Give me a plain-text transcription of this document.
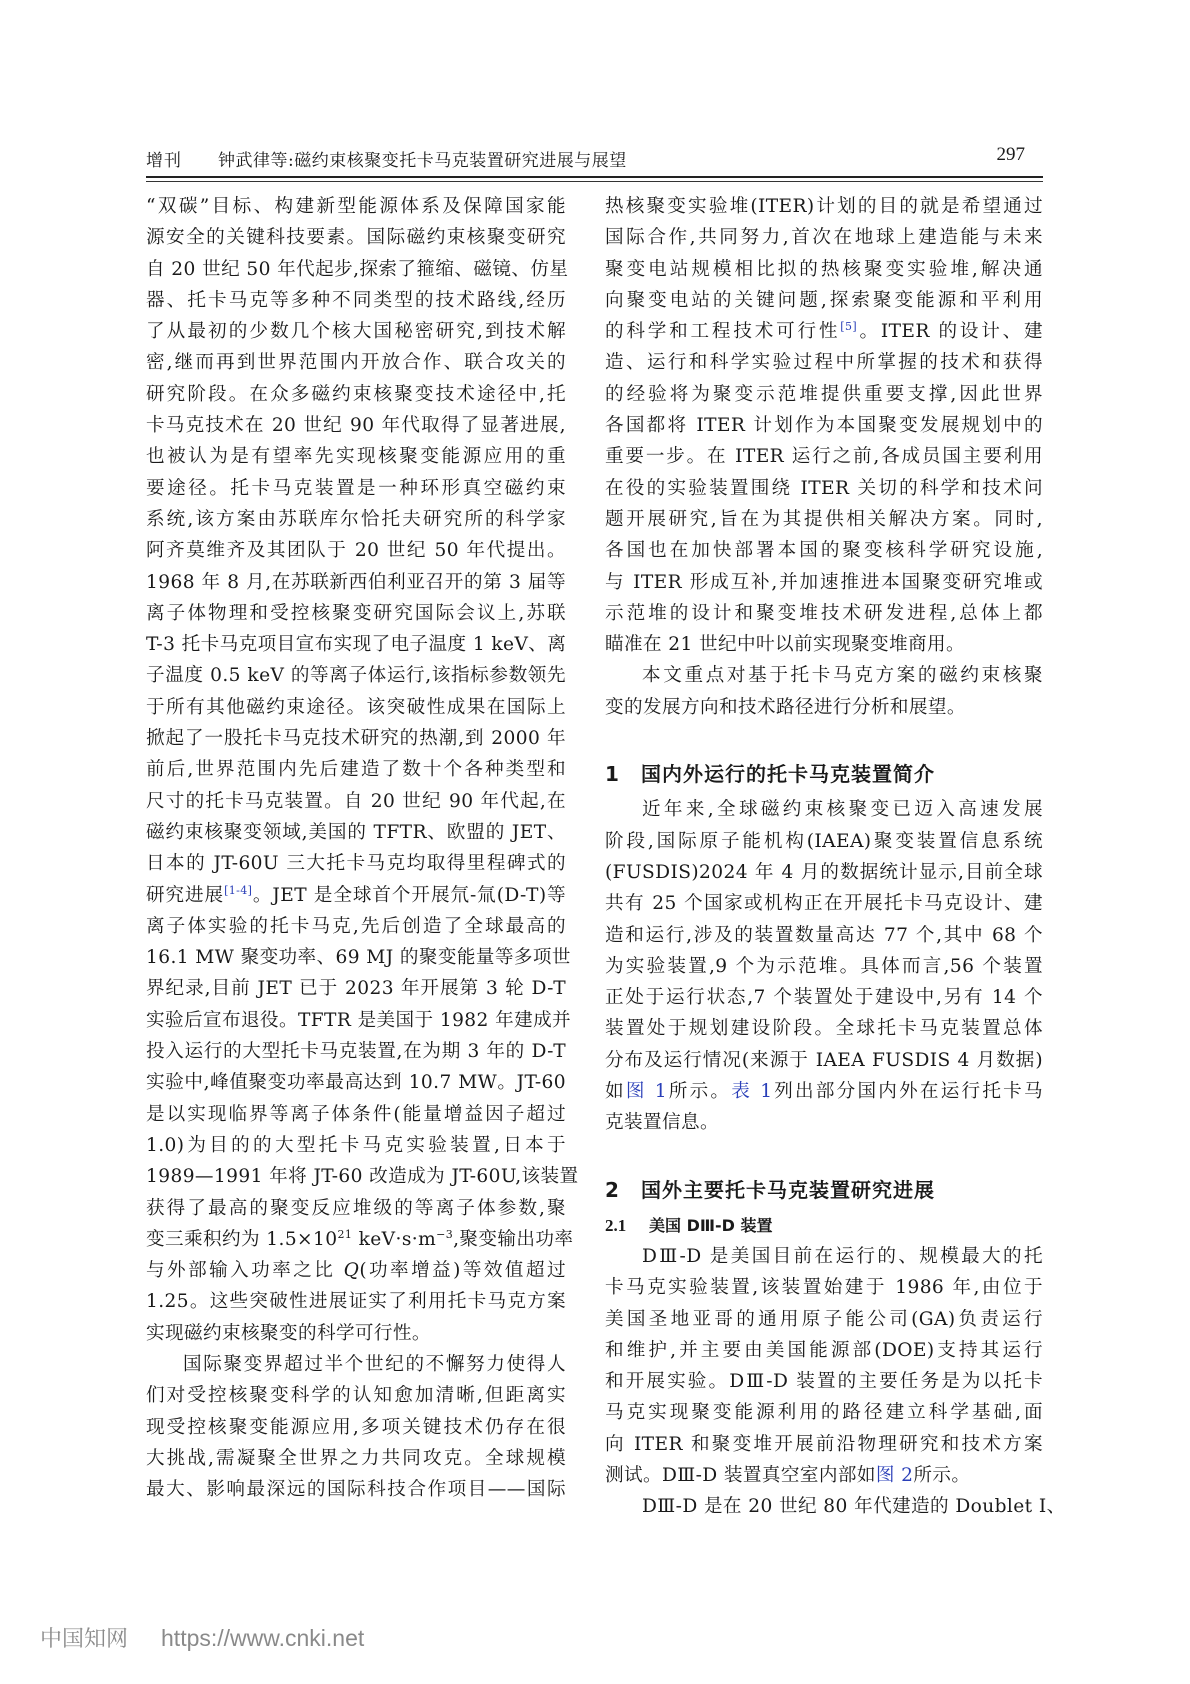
增刊 钟武律等:磁约束核聚变托卡马克装置研究进展与展望	297
“双碳”目标、构建新型能源体系及保障国家能
源安全的关键科技要素。国际磁约束核聚变研究
自 20 世纪 50 年代起步,探索了箍缩、磁镜、仿星
器、托卡马克等多种不同类型的技术路线,经历
了从最初的少数几个核大国秘密研究,到技术解
密,继而再到世界范围内开放合作、联合攻关的
研究阶段。在众多磁约束核聚变技术途径中,托
卡马克技术在 20 世纪 90 年代取得了显著进展,
也被认为是有望率先实现核聚变能源应用的重
要途径。托卡马克装置是一种环形真空磁约束
系统,该方案由苏联库尔恰托夫研究所的科学家
阿齐莫维齐及其团队于 20 世纪 50 年代提出。
1968 年 8 月,在苏联新西伯利亚召开的第 3 届等
离子体物理和受控核聚变研究国际会议上,苏联
T-3 托卡马克项目宣布实现了电子温度 1 keV、离
子温度 0.5 keV 的等离子体运行,该指标参数领先
于所有其他磁约束途径。该突破性成果在国际上
掀起了一股托卡马克技术研究的热潮,到 2000 年
前后,世界范围内先后建造了数十个各种类型和
尺寸的托卡马克装置。自 20 世纪 90 年代起,在
磁约束核聚变领域,美国的 TFTR、欧盟的 JET、
日本的 JT-60U 三大托卡马克均取得里程碑式的
研究进展[1-4]。JET 是全球首个开展氘-氚(D-T)等
离子体实验的托卡马克,先后创造了全球最高的
16.1 MW 聚变功率、69 MJ 的聚变能量等多项世
界纪录,目前 JET 已于 2023 年开展第 3 轮 D-T
实验后宣布退役。TFTR 是美国于 1982 年建成并
投入运行的大型托卡马克装置,在为期 3 年的 D-T
实验中,峰值聚变功率最高达到 10.7 MW。JT-60
是以实现临界等离子体条件(能量增益因子超过
1.0)为目的的大型托卡马克实验装置,日本于
1989—1991 年将 JT-60 改造成为 JT-60U,该装置
获得了最高的聚变反应堆级的等离子体参数,聚
变三乘积约为 $1.5\times 10^{21}$ $keV\cdot s\cdot m^{-3}$,聚变输出功率
与外部输入功率之比 Q(功率增益)等效值超过
1.25。这些突破性进展证实了利用托卡马克方案
实现磁约束核聚变的科学可行性。
国际聚变界超过半个世纪的不懈努力使得人
们对受控核聚变科学的认知愈加清晰,但距离实
现受控核聚变能源应用,多项关键技术仍存在很
大挑战,需凝聚全世界之力共同攻克。全球规模
最大、影响最深远的国际科技合作项目——国际
热核聚变实验堆(ITER)计划的目的就是希望通过
国际合作,共同努力,首次在地球上建造能与未来
聚变电站规模相比拟的热核聚变实验堆,解决通
向聚变电站的关键问题,探索聚变能源和平利用
的科学和工程技术可行性[5]。ITER 的设计、建
造、运行和科学实验过程中所掌握的技术和获得
的经验将为聚变示范堆提供重要支撑,因此世界
各国都将 ITER 计划作为本国聚变发展规划中的
重要一步。在 ITER 运行之前,各成员国主要利用
在役的实验装置围绕 ITER 关切的科学和技术问
题开展研究,旨在为其提供相关解决方案。同时,
各国也在加快部署本国的聚变核科学研究设施,
与 ITER 形成互补,并加速推进本国聚变研究堆或
示范堆的设计和聚变堆技术研发进程,总体上都
瞄准在 21 世纪中叶以前实现聚变堆商用。
本文重点对基于托卡马克方案的磁约束核聚
变的发展方向和技术路径进行分析和展望。
1 国内外运行的托卡马克装置简介
近年来,全球磁约束核聚变已迈入高速发展
阶段,国际原子能机构(IAEA)聚变装置信息系统
(FUSDIS)2024 年 4 月的数据统计显示,目前全球
共有 25 个国家或机构正在开展托卡马克设计、建
造和运行,涉及的装置数量高达 77 个,其中 68 个
为实验装置,9 个为示范堆。具体而言,56 个装置
正处于运行状态,7 个装置处于建设中,另有 14 个
装置处于规划建设阶段。全球托卡马克装置总体
分布及运行情况(来源于 IAEA FUSDIS 4 月数据)
如图 1所示。表 1列出部分国内外在运行托卡马
克装置信息。
2 国外主要托卡马克装置研究进展
2.1 美国 DⅢ-D 装置
DⅢ-D 是美国目前在运行的、规模最大的托
卡马克实验装置,该装置始建于 1986 年,由位于
美国圣地亚哥的通用原子能公司(GA)负责运行
和维护,并主要由美国能源部(DOE)支持其运行
和开展实验。DⅢ-D 装置的主要任务是为以托卡
马克实现聚变能源利用的路径建立科学基础,面
向 ITER 和聚变堆开展前沿物理研究和技术方案
测试。DⅢ-D 装置真空室内部如图 2所示。
DⅢ-D 是在 20 世纪 80 年代建造的 Doublet Ⅰ、
中国知网 https://www.cnki.net
